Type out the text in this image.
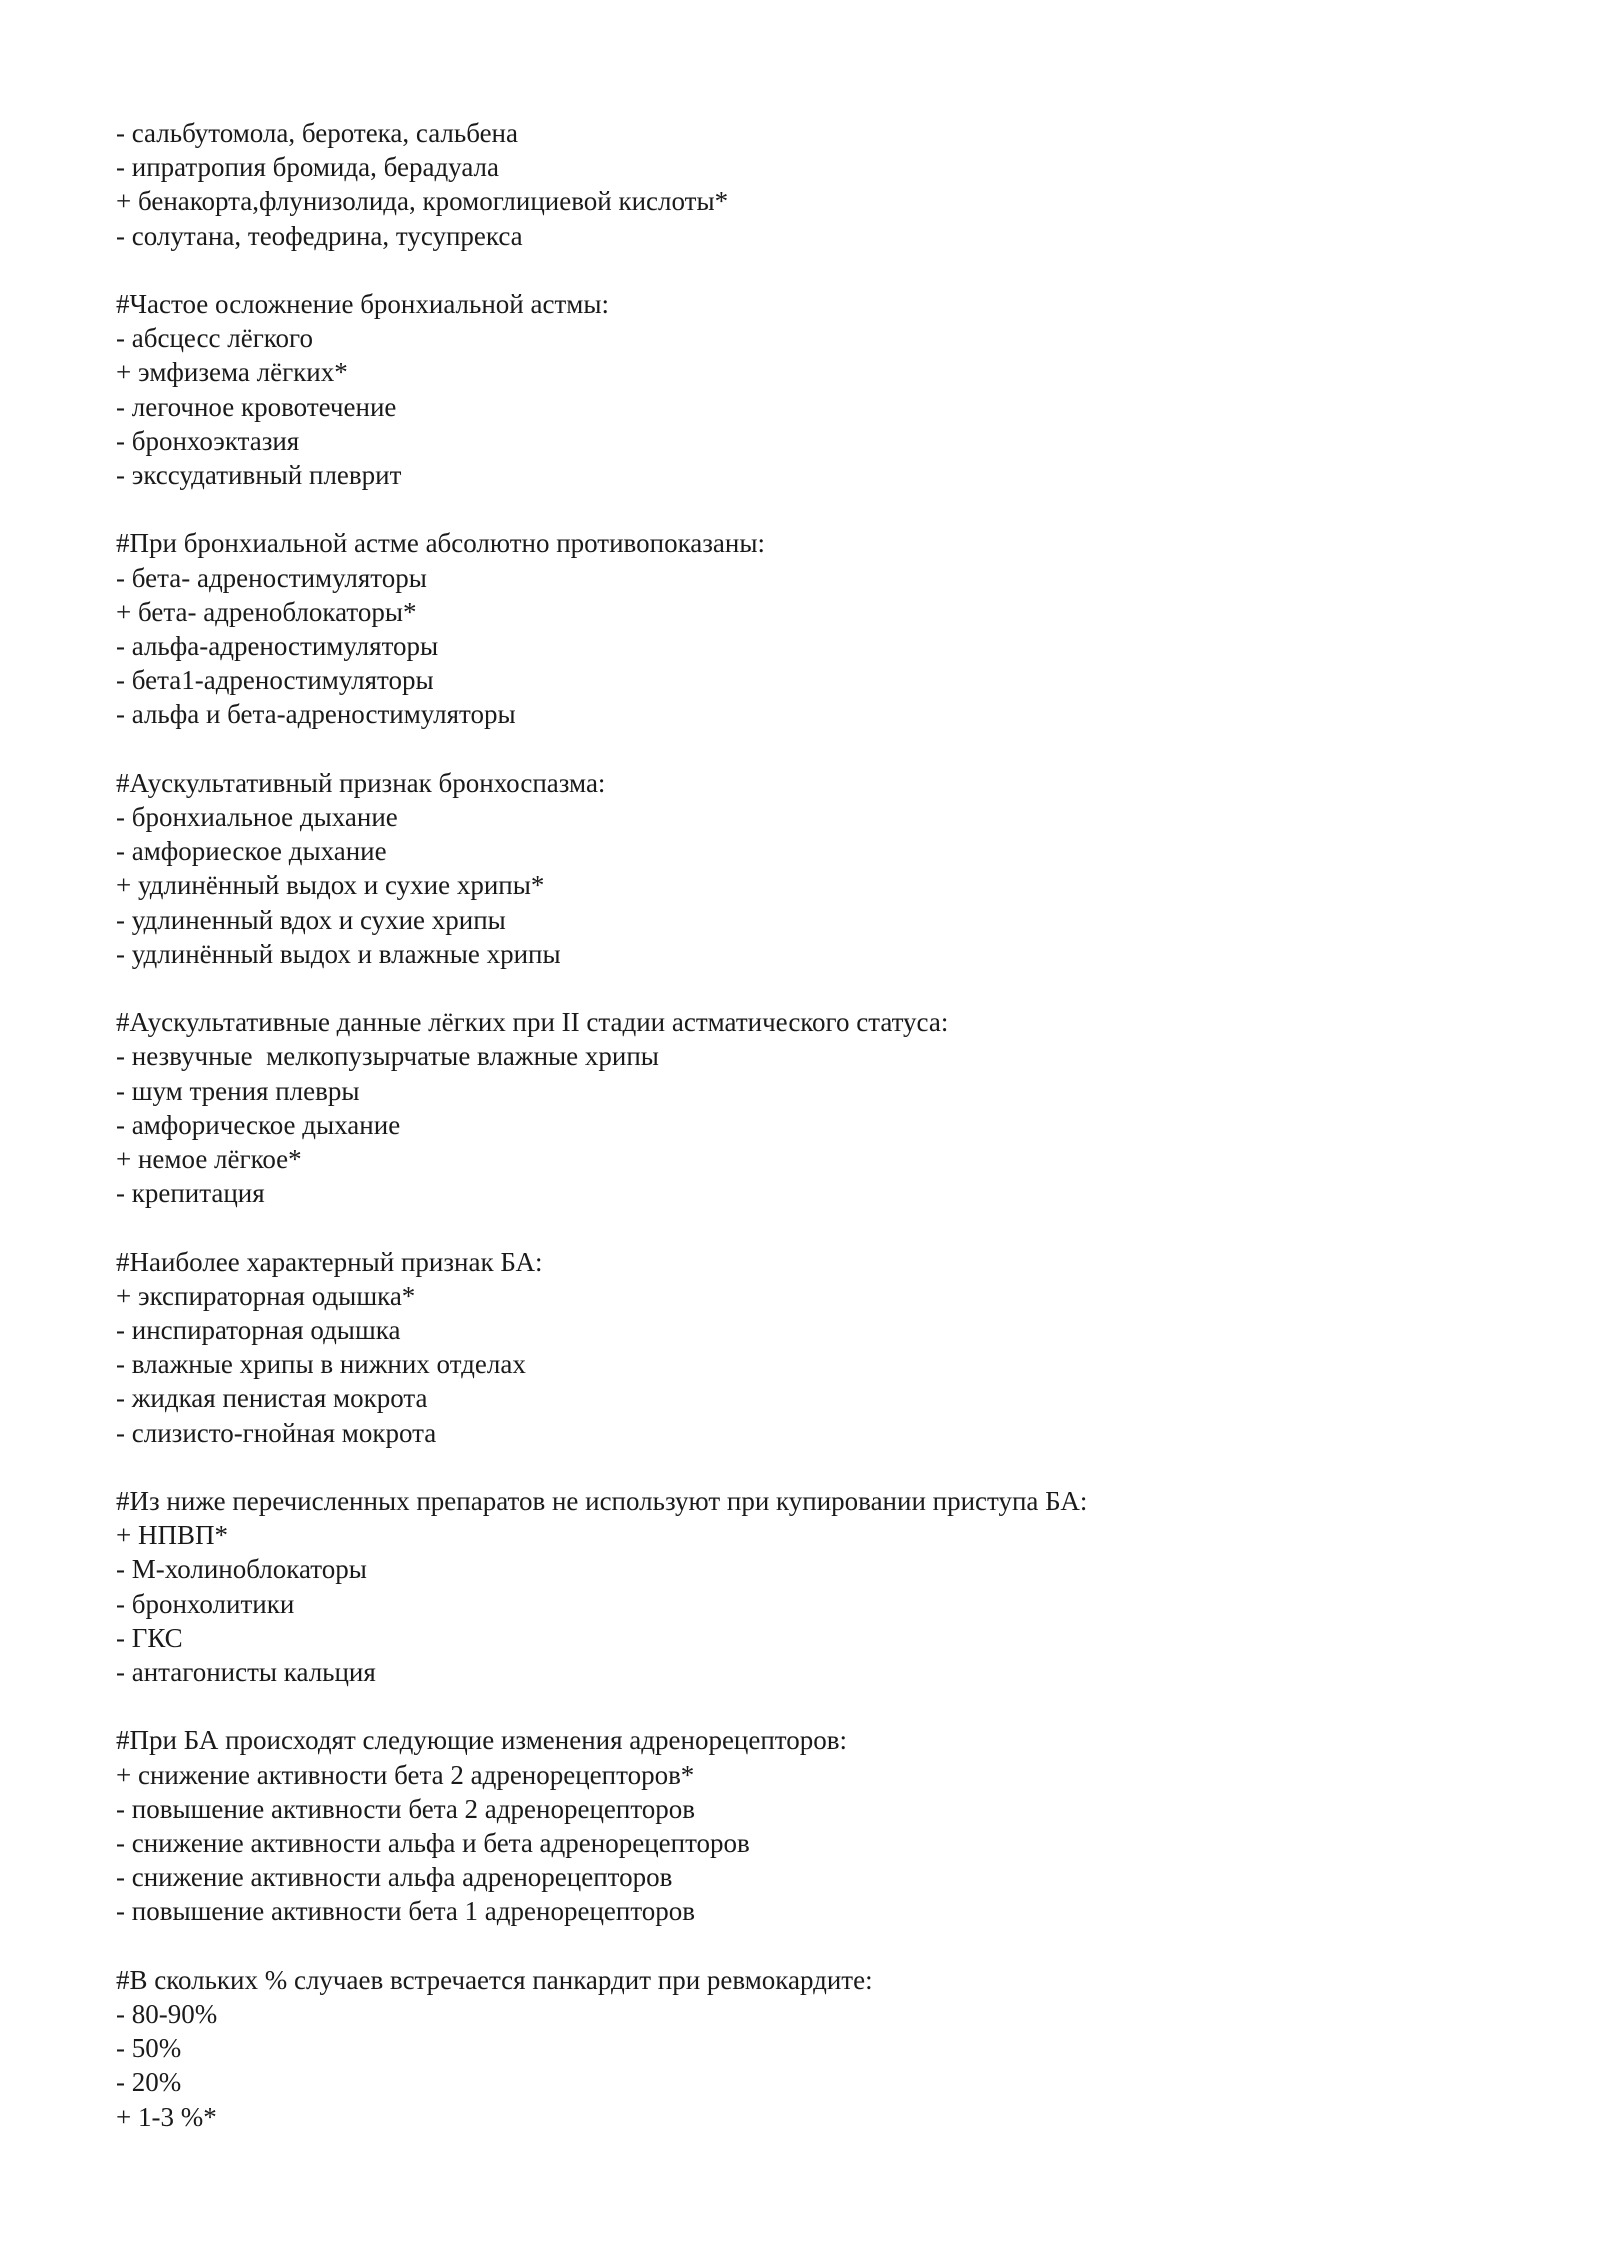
- сальбутомола, беротека, сальбена
- ипратропия бромида, берадуала
+ бенакорта,флунизолида, кромоглициевой кислоты*
- солутана, теофедрина, тусупрекса
#Частое осложнение бронхиальной астмы:
- абсцесс лёгкого
+ эмфизема лёгких*
- легочное кровотечение
- бронхоэктазия
- экссудативный плеврит
#При бронхиальной астме абсолютно противопоказаны:
- бета- адреностимуляторы
+ бета- адреноблокаторы*
- альфа-адреностимуляторы
- бета1-адреностимуляторы
- альфа и бета-адреностимуляторы
#Аускультативный признак бронхоспазма:
- бронхиальное дыхание
- амфориеское дыхание
+ удлинённый выдох и сухие хрипы*
- удлиненный вдох и сухие хрипы
- удлинённый выдох и влажные хрипы
#Аускультативные данные лёгких при II стадии астматического статуса:
- незвучные  мелкопузырчатые влажные хрипы
- шум трения плевры
- амфорическое дыхание
+ немое лёгкое*
- крепитация
#Наиболее характерный признак БА:
+ экспираторная одышка*
- инспираторная одышка
- влажные хрипы в нижних отделах
- жидкая пенистая мокрота
- слизисто-гнойная мокрота
#Из ниже перечисленных препаратов не используют при купировании приступа БА:
+ НПВП*
- М-холиноблокаторы
- бронхолитики
- ГКС
- антагонисты кальция
#При БА происходят следующие изменения адренорецепторов:
+ снижение активности бета 2 адренорецепторов*
- повышение активности бета 2 адренорецепторов
- снижение активности альфа и бета адренорецепторов
- снижение активности альфа адренорецепторов
- повышение активности бета 1 адренорецепторов
#В скольких % случаев встречается панкардит при ревмокардите:
- 80-90%
- 50%
- 20%
+ 1-3 %*
